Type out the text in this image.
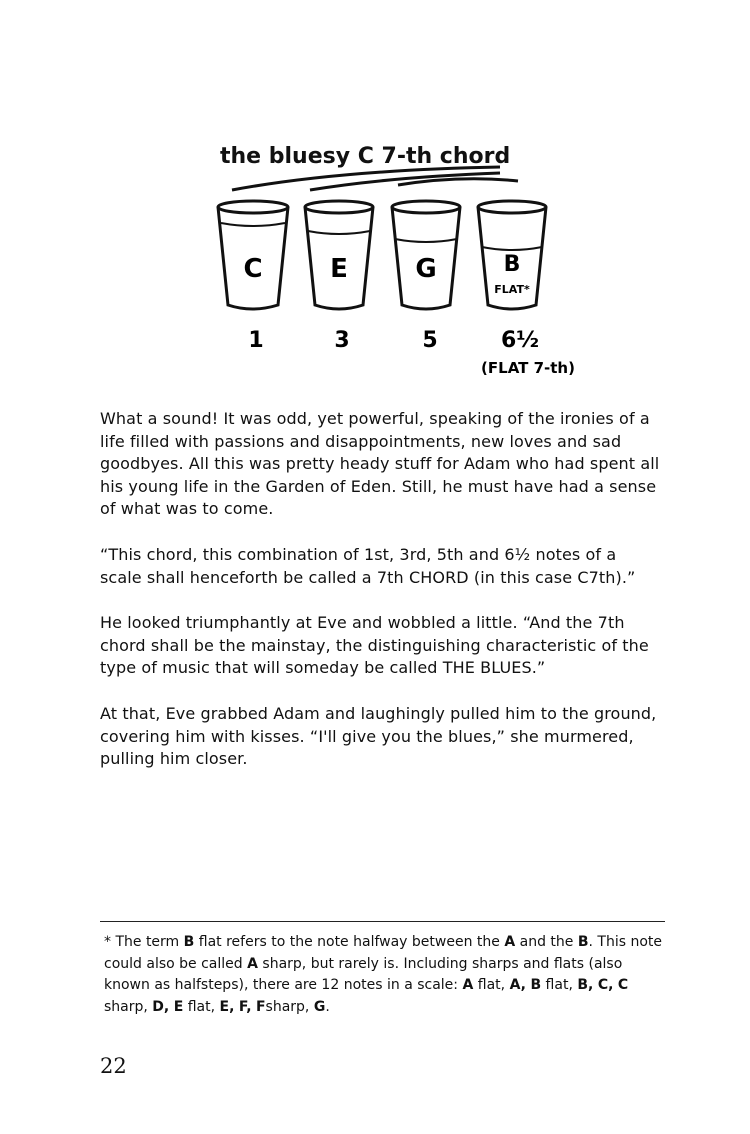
the bluesy C 7-th chord
C	E	G	B
FLAT*
1	3	5	6½
(FLAT 7-th)

What a sound! It was odd, yet powerful, speaking of the ironies of a life filled with passions and disappointments, new loves and sad goodbyes. All this was pretty heady stuff for Adam who had spent all his young life in the Garden of Eden. Still, he must have had a sense of what was to come.

“This chord, this combination of 1st, 3rd, 5th and 6½ notes of a scale shall henceforth be called a 7th CHORD (in this case C7th).”

He looked triumphantly at Eve and wobbled a little. “And the 7th chord shall be the mainstay, the distinguishing characteristic of the type of music that will someday be called THE BLUES.”

At that, Eve grabbed Adam and laughingly pulled him to the ground, covering him with kisses. “I'll give you the blues,” she murmered, pulling him closer.

* The term B flat refers to the note halfway between the A and the B. This note could also be called A sharp, but rarely is. Including sharps and flats (also known as halfsteps), there are 12 notes in a scale: A flat, A, B flat, B, C, C sharp, D, E flat, E, F, Fsharp, G.
22
